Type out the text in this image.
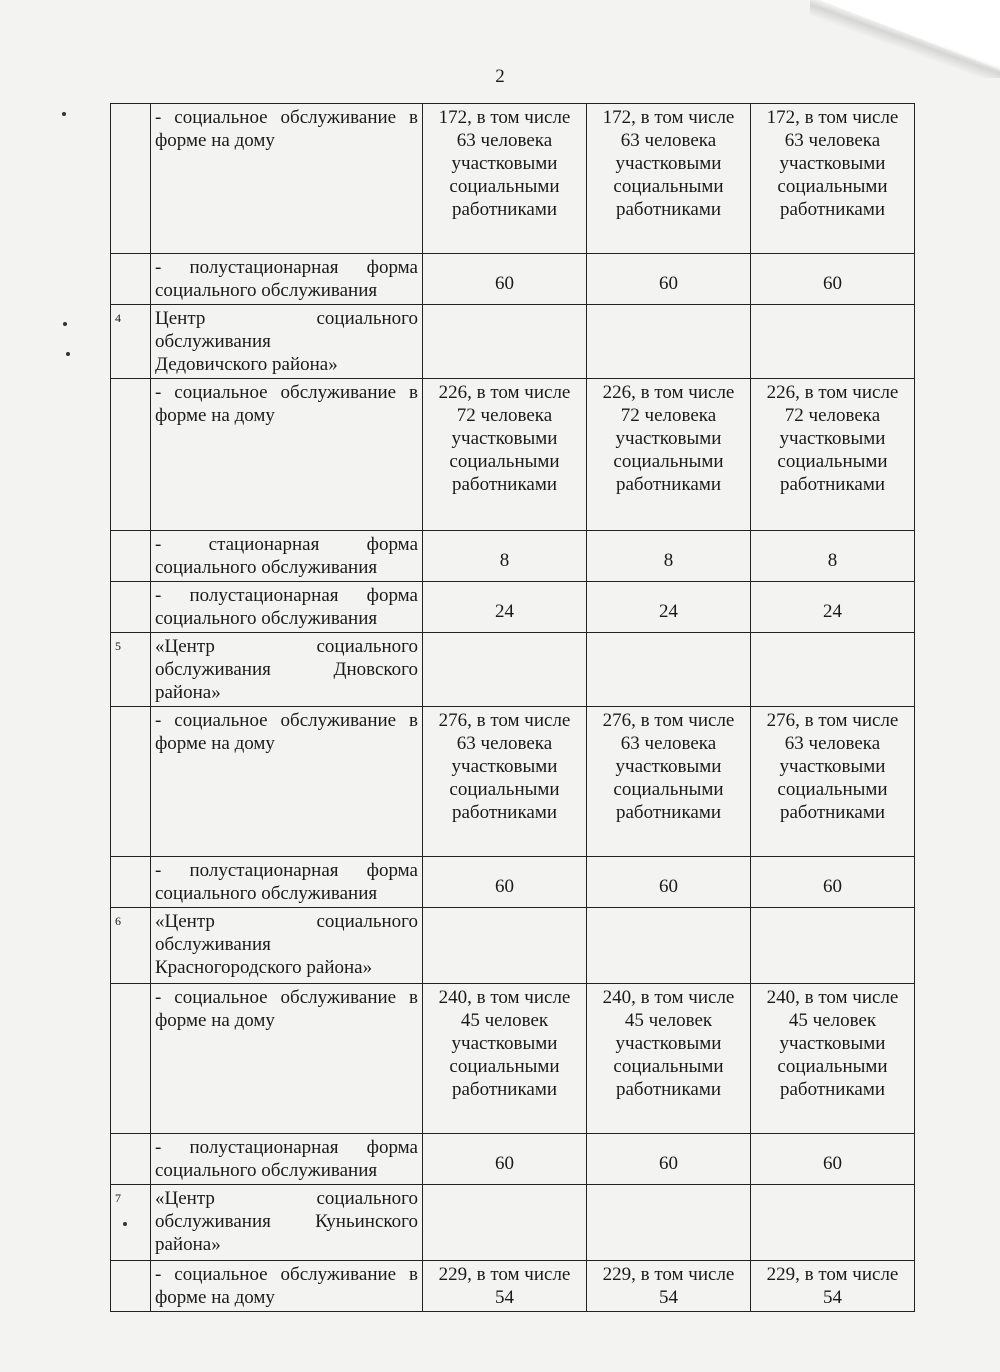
2
	- социальное обслуживание в форме на дому	172, в том числе 63 человека участковыми социальными работниками	172, в том числе 63 человека участковыми социальными работниками	172, в том числе 63 человека участковыми социальными работниками
	- полустационарная форма социального обслуживания	60	60	60
4	Центр социального
обслуживания
Дедовичского района»			

	- социальное обслуживание в форме на дому	226, в том числе 72 человека участковыми социальными работниками	226, в том числе 72 человека участковыми социальными работниками	226, в том числе 72 человека участковыми социальными работниками
	- стационарная форма социального обслуживания	8	8	8
	- полустационарная форма социального обслуживания	24	24	24
5	«Центр социального
обслуживания Дновского
района»			

	- социальное обслуживание в форме на дому	276, в том числе 63 человека участковыми социальными работниками	276, в том числе 63 человека участковыми социальными работниками	276, в том числе 63 человека участковыми социальными работниками
	- полустационарная форма социального обслуживания	60	60	60
6	«Центр социального
обслуживания
Красногородского района»			

	- социальное обслуживание в форме на дому	240, в том числе 45 человек участковыми социальными работниками	240, в том числе 45 человек участковыми социальными работниками	240, в том числе 45 человек участковыми социальными работниками
	- полустационарная форма социального обслуживания	60	60	60
7	«Центр социального
обслуживания Куньинского
района»			

	- социальное обслуживание в форме на дому	229, в том числе 54	229, в том числе 54	229, в том числе 54
